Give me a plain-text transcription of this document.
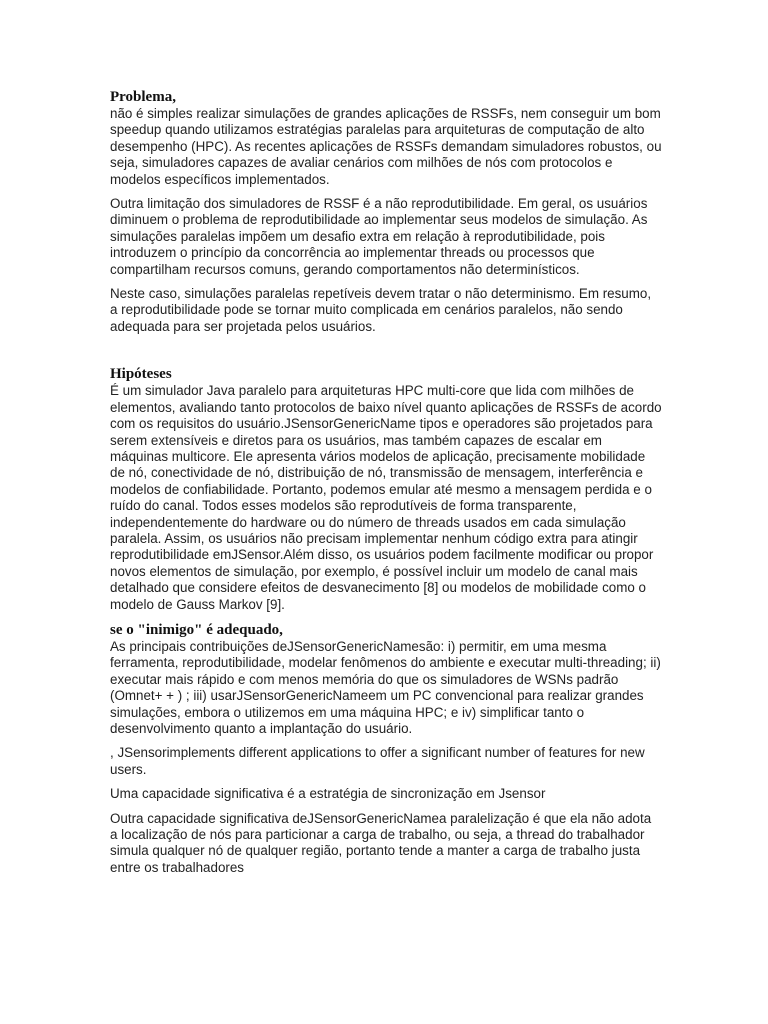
Problema,

não é simples realizar simulações de grandes aplicações de RSSFs, nem conseguir um bom speedup quando utilizamos estratégias paralelas para arquiteturas de computação de alto desempenho (HPC). As recentes aplicações de RSSFs demandam simuladores robustos, ou seja, simuladores capazes de avaliar cenários com milhões de nós com protocolos e modelos específicos implementados.

Outra limitação dos simuladores de RSSF é a não reprodutibilidade. Em geral, os usuários diminuem o problema de reprodutibilidade ao implementar seus modelos de simulação. As simulações paralelas impõem um desafio extra em relação à reprodutibilidade, pois introduzem o princípio da concorrência ao implementar threads ou processos que compartilham recursos comuns, gerando comportamentos não determinísticos.

Neste caso, simulações paralelas repetíveis devem tratar o não determinismo. Em resumo, a reprodutibilidade pode se tornar muito complicada em cenários paralelos, não sendo adequada para ser projetada pelos usuários.

Hipóteses

É um simulador Java paralelo para arquiteturas HPC multi-core que lida com milhões de elementos, avaliando tanto protocolos de baixo nível quanto aplicações de RSSFs de acordo com os requisitos do usuário.JSensorGenericName tipos e operadores são projetados para serem extensíveis e diretos para os usuários, mas também capazes de escalar em máquinas multicore. Ele apresenta vários modelos de aplicação, precisamente mobilidade de nó, conectividade de nó, distribuição de nó, transmissão de mensagem, interferência e modelos de confiabilidade. Portanto, podemos emular até mesmo a mensagem perdida e o ruído do canal. Todos esses modelos são reprodutíveis de forma transparente, independentemente do hardware ou do número de threads usados em cada simulação paralela. Assim, os usuários não precisam implementar nenhum código extra para atingir reprodutibilidade emJSensor.Além disso, os usuários podem facilmente modificar ou propor novos elementos de simulação, por exemplo, é possível incluir um modelo de canal mais detalhado que considere efeitos de desvanecimento [8] ou modelos de mobilidade como o modelo de Gauss Markov [9].

se o "inimigo" é adequado,

As principais contribuições deJSensorGenericNamesão: i) permitir, em uma mesma ferramenta, reprodutibilidade, modelar fenômenos do ambiente e executar multi-threading; ii) executar mais rápido e com menos memória do que os simuladores de WSNs padrão (Omnet+ + ) ; iii) usarJSensorGenericNameem um PC convencional para realizar grandes simulações, embora o utilizemos em uma máquina HPC; e iv) simplificar tanto o desenvolvimento quanto a implantação do usuário.

, JSensorimplements different applications to offer a significant number of features for new users.

Uma capacidade significativa é a estratégia de sincronização em Jsensor

Outra capacidade significativa deJSensorGenericNamea paralelização é que ela não adota a localização de nós para particionar a carga de trabalho, ou seja, a thread do trabalhador simula qualquer nó de qualquer região, portanto tende a manter a carga de trabalho justa entre os trabalhadores
